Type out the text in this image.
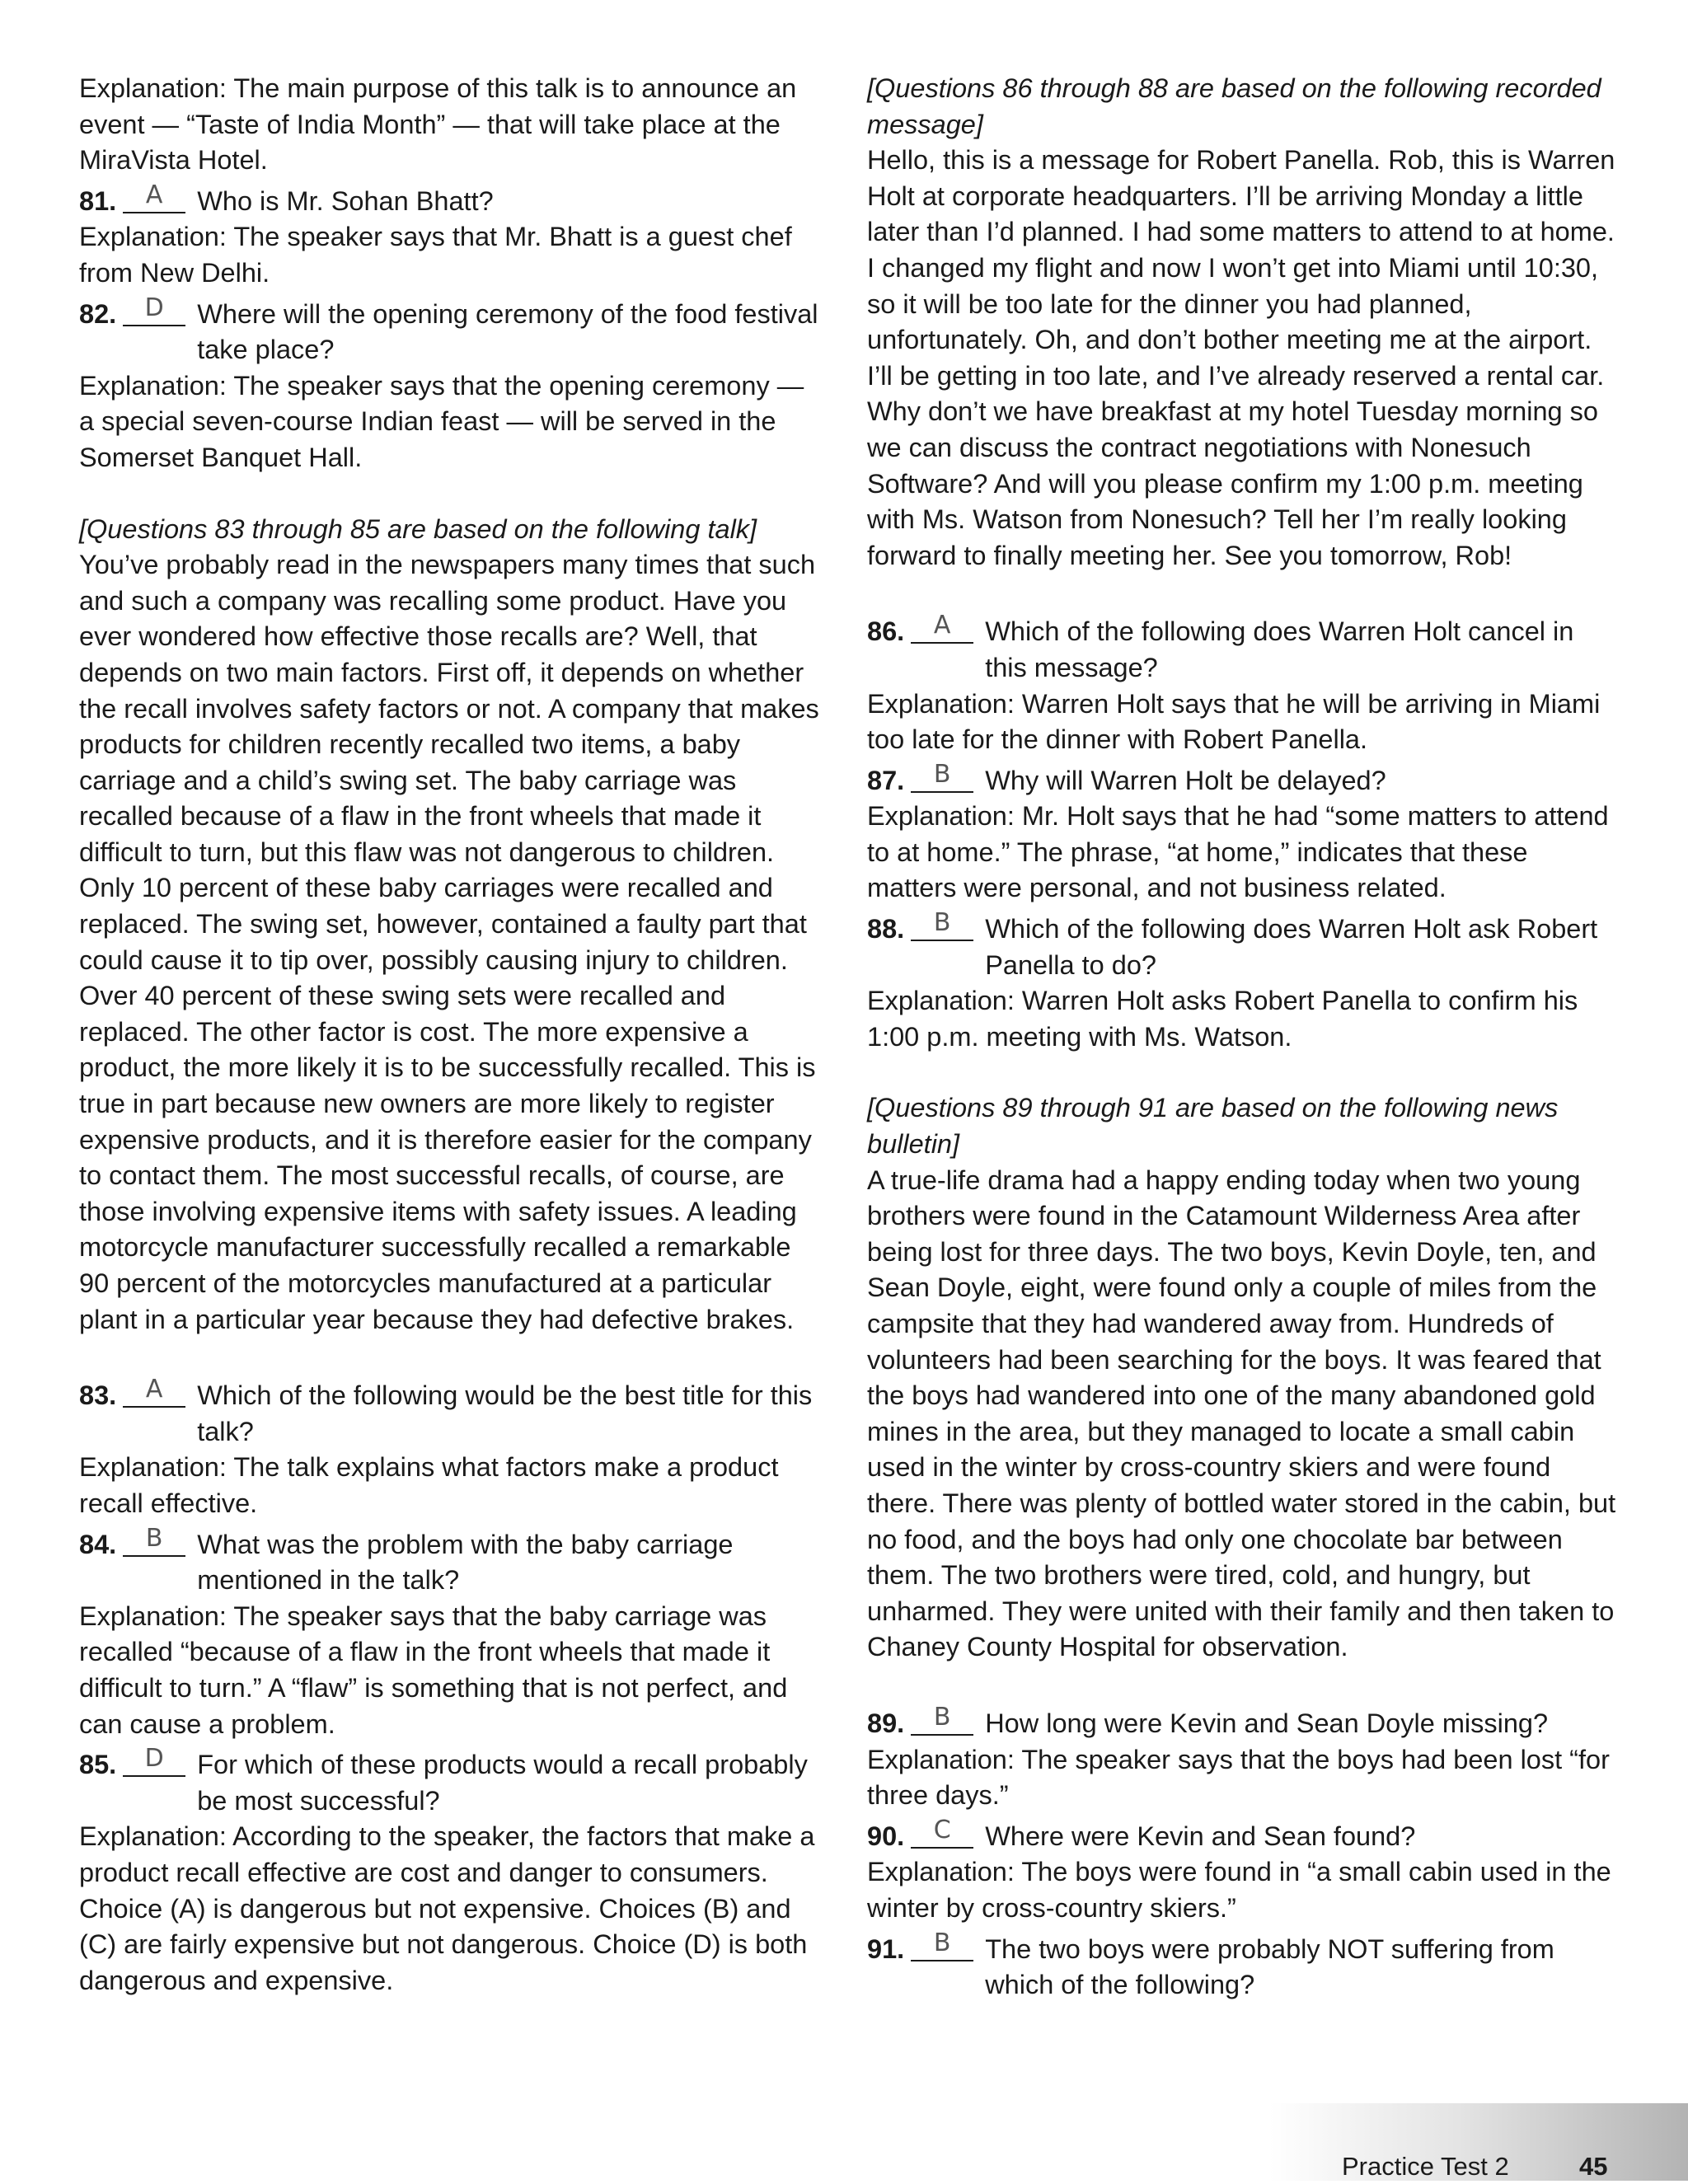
Explanation: The main purpose of this talk is to announce an event — “Taste of India Month” — that will take place at the MiraVista Hotel.

81.	A	Who is Mr. Sohan Bhatt?

Explanation: The speaker says that Mr. Bhatt is a guest chef from New Delhi.

82.	D	Where will the opening ceremony of the food festival take place?

Explanation: The speaker says that the opening ceremony — a special seven-course Indian feast — will be served in the Somerset Banquet Hall.

[Questions 83 through 85 are based on the following talk]

You’ve probably read in the newspapers many times that such and such a company was recalling some product. Have you ever wondered how effective those recalls are? Well, that depends on two main factors. First off, it depends on whether the recall involves safety factors or not. A company that makes products for children recently recalled two items, a baby carriage and a child’s swing set. The baby carriage was recalled because of a flaw in the front wheels that made it difficult to turn, but this flaw was not dangerous to children. Only 10 percent of these baby carriages were recalled and replaced. The swing set, however, contained a faulty part that could cause it to tip over, possibly causing injury to children. Over 40 percent of these swing sets were recalled and replaced. The other factor is cost. The more expensive a product, the more likely it is to be successfully recalled. This is true in part because new owners are more likely to register expensive products, and it is therefore easier for the company to contact them. The most successful recalls, of course, are those involving expensive items with safety issues. A leading motorcycle manufacturer successfully recalled a remarkable 90 percent of the motorcycles manufactured at a particular plant in a particular year because they had defective brakes.

83.	A	Which of the following would be the best title for this talk?

Explanation: The talk explains what factors make a product recall effective.

84.	B	What was the problem with the baby carriage mentioned in the talk?

Explanation: The speaker says that the baby carriage was recalled “because of a flaw in the front wheels that made it difficult to turn.” A “flaw” is something that is not perfect, and can cause a problem.

85.	D	For which of these products would a recall probably be most successful?

Explanation: According to the speaker, the factors that make a product recall effective are cost and danger to consumers. Choice (A) is dangerous but not expensive. Choices (B) and (C) are fairly expensive but not dangerous. Choice (D) is both dangerous and expensive.

[Questions 86 through 88 are based on the following recorded message]

Hello, this is a message for Robert Panella. Rob, this is Warren Holt at corporate headquarters. I’ll be arriving Monday a little later than I’d planned. I had some matters to attend to at home. I changed my flight and now I won’t get into Miami until 10:30, so it will be too late for the dinner you had planned, unfortunately. Oh, and don’t bother meeting me at the airport. I’ll be getting in too late, and I’ve already reserved a rental car. Why don’t we have breakfast at my hotel Tuesday morning so we can discuss the contract negotiations with Nonesuch Software? And will you please confirm my 1:00 p.m. meeting with Ms. Watson from Nonesuch? Tell her I’m really looking forward to finally meeting her. See you tomorrow, Rob!

86.	A	Which of the following does Warren Holt cancel in this message?

Explanation: Warren Holt says that he will be arriving in Miami too late for the dinner with Robert Panella.

87.	B	Why will Warren Holt be delayed?

Explanation: Mr. Holt says that he had “some matters to attend to at home.” The phrase, “at home,” indicates that these matters were personal, and not business related.

88.	B	Which of the following does Warren Holt ask Robert Panella to do?

Explanation: Warren Holt asks Robert Panella to confirm his 1:00 p.m. meeting with Ms. Watson.

[Questions 89 through 91 are based on the following news bulletin]

A true-life drama had a happy ending today when two young brothers were found in the Catamount Wilderness Area after being lost for three days. The two boys, Kevin Doyle, ten, and Sean Doyle, eight, were found only a couple of miles from the campsite that they had wandered away from. Hundreds of volunteers had been searching for the boys. It was feared that the boys had wandered into one of the many abandoned gold mines in the area, but they managed to locate a small cabin used in the winter by cross-country skiers and were found there. There was plenty of bottled water stored in the cabin, but no food, and the boys had only one chocolate bar between them. The two brothers were tired, cold, and hungry, but unharmed. They were united with their family and then taken to Chaney County Hospital for observation.

89.	B	How long were Kevin and Sean Doyle missing?

Explanation: The speaker says that the boys had been lost “for three days.”

90.	C	Where were Kevin and Sean found?

Explanation: The boys were found in “a small cabin used in the winter by cross-country skiers.”

91.	B	The two boys were probably NOT suffering from which of the following?
Practice Test 2	45
